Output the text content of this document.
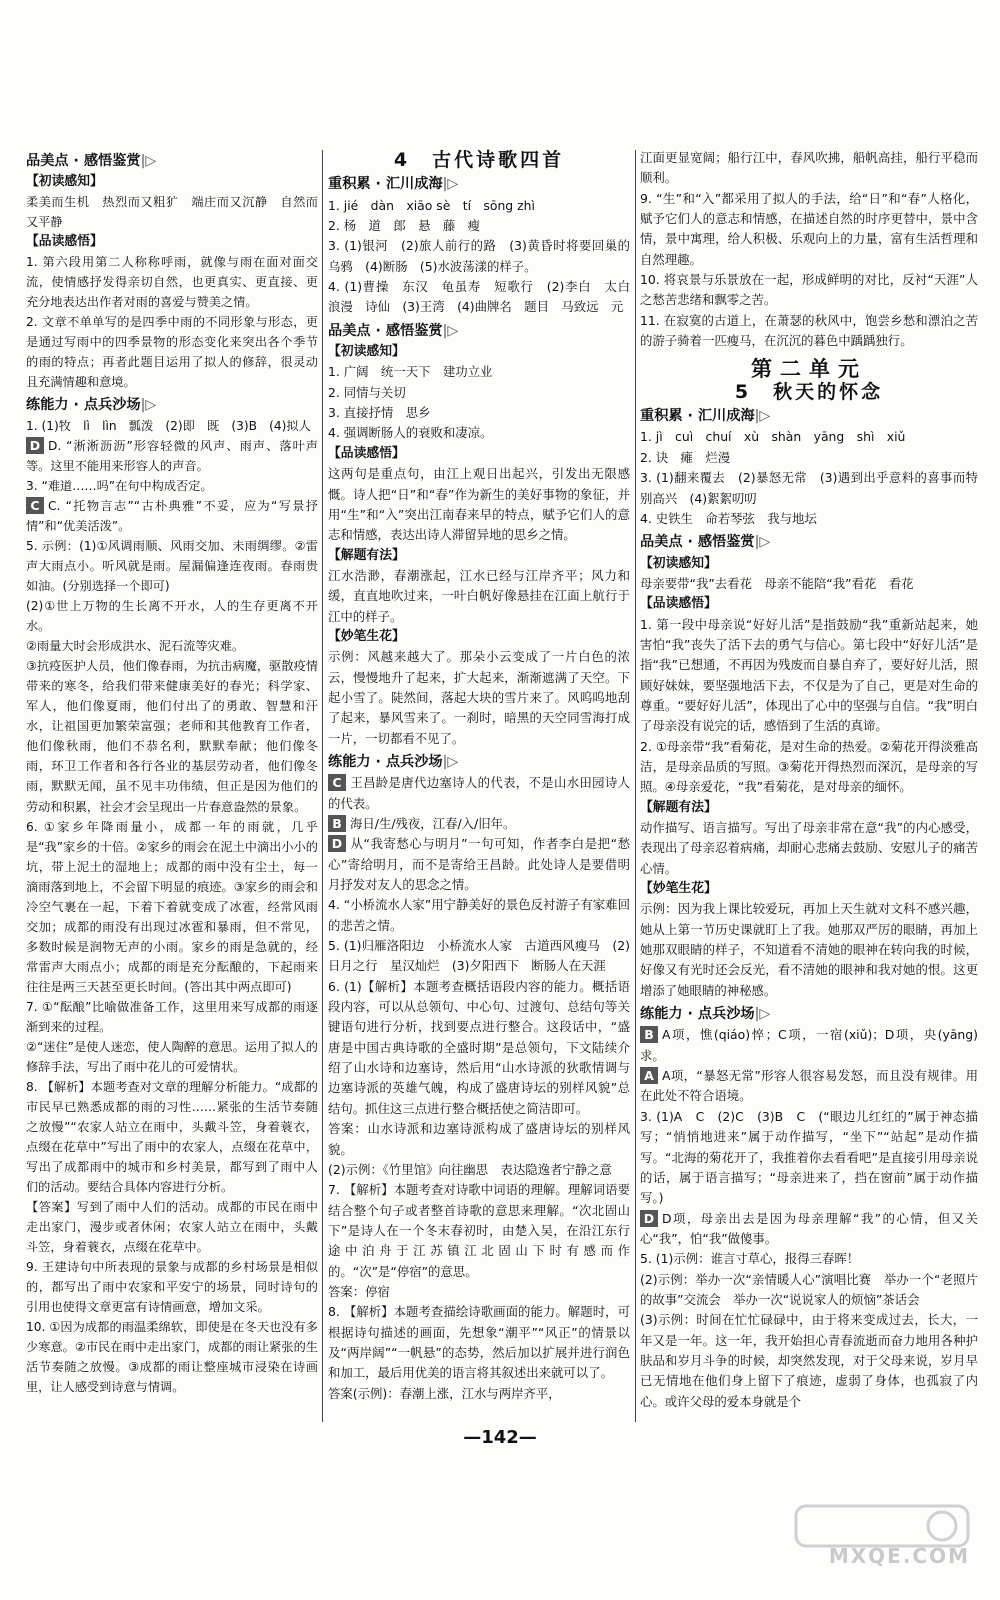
品美点 · 感悟鉴赏|▷
【初读感知】
柔美而生机　热烈而又粗犷　端庄而又沉静　自然而又平静
【品读感悟】
1. 第六段用第二人称称呼雨，就像与雨在面对面交流，使情感抒发得亲切自然，也更真实、更直接、更充分地表达出作者对雨的喜爱与赞美之情。
2. 文章不单单写的是四季中雨的不同形象与形态，更是通过写雨中的四季景物的形态变化来突出各个季节的雨的特点；再者此题目运用了拟人的修辞，很灵动且充满情趣和意境。
练能力 · 点兵沙场|▷
1. (1)牧　lì　lìn　瓢泼　(2)即　既　(3)B　(4)拟人
D D. “淅淅沥沥”形容轻微的风声、雨声、落叶声等。这里不能用来形容人的声音。
3. “难道……吗”在句中构成否定。
C C. “托物言志”“古朴典雅”不妥，应为“写景抒情”和“优美活泼”。
5. 示例：(1)①风调雨顺、风雨交加、未雨绸缪。②雷声大雨点小。听风就是雨。屋漏偏逢连夜雨。春雨贵如油。(分别选择一个即可)
(2)①世上万物的生长离不开水，人的生存更离不开水。
②雨量大时会形成洪水、泥石流等灾难。
③抗疫医护人员，他们像春雨，为抗击病魔，驱散疫情带来的寒冬，给我们带来健康美好的春光；科学家、军人，他们像夏雨，他们付出了的勇敢、智慧和汗水，让祖国更加繁荣富强；老师和其他教育工作者，他们像秋雨，他们不恭名利，默默奉献；他们像冬雨，环卫工作者和各行各业的基层劳动者，他们像冬雨，默默无闻，虽不见丰功伟绩，但正是因为他们的劳动和积累，社会才会呈现出一片春意盎然的景象。
6. ①家乡年降雨量小，成都一年的雨就，几乎是“我”家乡的十倍。②家乡的雨会在泥土中滴出小小的坑，带上泥土的湿地上；成都的雨中没有尘土，每一滴雨落到地上，不会留下明显的痕迹。③家乡的雨会和冷空气裹在一起，下着下着就变成了冰雹，经常风雨交加；成都的雨没有出现过冰雹和暴雨，但不常见，多数时候是润物无声的小雨。家乡的雨是急就的，经常雷声大雨点小；成都的雨是充分酝酿的，下起雨来往往是两三天甚至更长时间。(答出其中两点即可)
7. ①“酝酿”比喻做准备工作，这里用来写成都的雨逐渐到来的过程。
②“迷住”是使人迷恋，使人陶醉的意思。运用了拟人的修辞手法，写出了雨中花儿的可爱情状。
8. 【解析】本题考查对文章的理解分析能力。“成都的市民早已熟悉成都的雨的习性……紧张的生活节奏随之放慢”“农家人站立在雨中，头戴斗笠，身着蓑衣，点缀在花草中”写出了雨中的农家人，点缀在花草中，写出了成都雨中的城市和乡村美景，都写到了雨中人们的活动。要结合具体内容进行分析。
【答案】写到了雨中人们的活动。成都的市民在雨中走出家门，漫步或者休闲；农家人站立在雨中，头戴斗笠，身着蓑衣，点缀在花草中。
9. 王建诗句中所表现的景象与成都的乡村场景是相似的，都写出了雨中农家和平安宁的场景，同时诗句的引用也使得文章更富有诗情画意，增加文采。
10. ①因为成都的雨温柔绵软，即使是在冬天也没有多少寒意。②市民在雨中走出家门，成都的雨让紧张的生活节奏随之放慢。③成都的雨让整座城市浸染在诗画里，让人感受到诗意与情调。
4　古代诗歌四首
重积累 · 汇川成海|▷
1. jié　dàn　xiāo sè　tí　sōng zhì
2. 杨　道　郎　悬　藤　瘦
3. (1)银河　(2)旅人前行的路　(3)黄昏时将要回巢的乌鸦　(4)断肠　(5)水波荡漾的样子。
4. (1)曹操　东汉　龟虽寿　短歌行　(2)李白　太白　浪漫　诗仙　(3)王湾　(4)曲牌名　题目　马致远　元
品美点 · 感悟鉴赏|▷
【初读感知】
1. 广阔　统一天下　建功立业
2. 同情与关切
3. 直接抒情　思乡
4. 强调断肠人的衰败和凄凉。
【品读感悟】
这两句是重点句，由江上观日出起兴，引发出无限感慨。诗人把“日”和“春”作为新生的美好事物的象征，并用“生”和“入”突出江南春来早的特点，赋予它们人的意志和情感，表达出诗人滞留异地的思乡之情。
【解题有法】
江水浩渺，春潮涨起，江水已经与江岸齐平；风力和缓，直直地吹过来，一叶白帆好像悬挂在江面上航行于江中的样子。
【妙笔生花】
示例：风越来越大了。那朵小云变成了一片白色的浓云，慢慢地升了起来，扩大起来，渐渐遮满了天空。下起小雪了。陡然间，落起大块的雪片来了。风呜呜地刮了起来，暴风雪来了。一刹时，暗黑的天空同雪海打成一片，一切都看不见了。
练能力 · 点兵沙场|▷
C 王昌龄是唐代边塞诗人的代表，不是山水田园诗人的代表。
B 海日/生/残夜，江春/入/旧年。
D 从“我寄愁心与明月”一句可知，作者李白是把“愁心”寄给明月，而不是寄给王昌龄。此处诗人是要借明月抒发对友人的思念之情。
4. “小桥流水人家”用宁静美好的景色反衬游子有家难回的悲苦之情。
5. (1)归雁洛阳边　小桥流水人家　古道西风瘦马　(2)日月之行　星汉灿烂　(3)夕阳西下　断肠人在天涯
6. (1)【解析】本题考查概括语段内容的能力。概括语段内容，可以从总领句、中心句、过渡句、总结句等关键语句进行分析，找到要点进行整合。这段话中，“盛唐是中国古典诗歌的全盛时期”是总领句，下文陆续介绍了山水诗和边塞诗，然后用“山水诗派的狄歌情调与边塞诗派的英雄气魄，构成了盛唐诗坛的别样风貌”总结句。抓住这三点进行整合概括使之简洁即可。
答案：山水诗派和边塞诗派构成了盛唐诗坛的别样风貌。
(2)示例：《竹里馆》向往幽思　表达隐逸者宁静之意
7. 【解析】本题考查对诗歌中词语的理解。理解词语要结合整个句子或者整首诗歌的意思来理解。“次北固山下”是诗人在一个冬末春初时，由楚入吴，在沿江东行途中泊舟于江苏镇江北固山下时有感而作的。“次”是“停宿”的意思。
答案：停宿
8. 【解析】本题考查描绘诗歌画面的能力。解题时，可根据诗句描述的画面，先想象“潮平”“风正”的情景以及“两岸阔”“一帆悬”的态势，然后加以扩展并进行润色和加工，最后用优美的语言将其叙述出来就可以了。
答案(示例)：春潮上涨，江水与两岸齐平，
江面更显宽阔；船行江中，春风吹拂，船帆高挂，船行平稳而顺利。
9. “生”和“入”都采用了拟人的手法，给“日”和“春”人格化，赋予它们人的意志和情感，在描述自然的时序更替中，景中含情，景中寓理，给人积极、乐观向上的力量，富有生活哲理和自然理趣。
10. 将哀景与乐景放在一起，形成鲜明的对比，反衬“天涯”人之愁苦悲绪和飘零之苦。
11. 在寂寞的古道上，在萧瑟的秋风中，饱尝乡愁和漂泊之苦的游子骑着一匹瘦马，在沉沉的暮色中踽踽独行。
第二单元
5　秋天的怀念
重积累 · 汇川成海|▷
1. jì　cuì　chuí　xù　shàn　yāng　shì　xiǔ
2. 诀　瘫　烂漫
3. (1)翻来覆去　(2)暴怒无常　(3)遇到出乎意料的喜事而特别高兴　(4)絮絮叨叨
4. 史铁生　命若琴弦　我与地坛
品美点 · 感悟鉴赏|▷
【初读感知】
母亲要带“我”去看花　母亲不能陪“我”看花　看花
【品读感悟】
1. 第一段中母亲说“好好儿活”是指鼓励“我”重新站起来，她害怕“我”丧失了活下去的勇气与信心。第七段中“好好儿活”是指“我”已想通，不再因为残废而自暴自弃了，要好好儿活，照顾好妹妹，要坚强地活下去，不仅是为了自己，更是对生命的尊重。“要好好儿活”，体现出了心中的坚强与自信。“我”明白了母亲没有说完的话，感悟到了生活的真谛。
2. ①母亲带“我”看菊花，是对生命的热爱。②菊花开得淡雅高洁，是母亲品质的写照。③菊花开得热烈而深沉，是母亲的写照。④母亲爱花，“我”看菊花，是对母亲的缅怀。
【解题有法】
动作描写、语言描写。写出了母亲非常在意“我”的内心感受，表现出了母亲忍着病痛，却耐心悲痛去鼓励、安慰儿子的痛苦心情。
【妙笔生花】
示例：因为我上课比较爱玩，再加上天生就对文科不感兴趣，她从上第一节历史课就盯上了我。她那双严厉的眼睛，再加上她那双眼睛的样子，不知道看不清她的眼神在转向我的时候，好像又有光时还会反光，看不清她的眼神和我对她的恨。这更增添了她眼睛的神秘感。
练能力 · 点兵沙场|▷
B A项，憔(qiáo)悴；C项，一宿(xiǔ)；D项，央(yāng)求。
A A项，“暴怒无常”形容人很容易发怒，而且没有规律。用在此处不符合语境。
3. (1)A　C　(2)C　(3)B　C　(“眼边儿红红的”属于神态描写；“悄悄地进来”属于动作描写，“坐下”“站起”是动作描写。“北海的菊花开了，我推着你去看看吧”是直接引用母亲说的话，属于语言描写；“母亲进来了，挡在窗前”属于动作描写。)
D D项，母亲出去是因为母亲理解“我”的心情，但又关心“我”，怕“我”做傻事。
5. (1)示例：谁言寸草心，报得三春晖！
(2)示例：举办一次“亲情暖人心”演唱比赛　举办一个“老照片的故事”交流会　举办一次“说说家人的烦恼”茶话会
(3)示例：时间在忙忙碌碌中，由于将来变成过去，长大，一年又是一年。这一年，我开始担心青春流逝而奋力地用各种护肤品和岁月斗争的时候，却突然发现，对于父母来说，岁月早已无情地在他们身上留下了痕迹，虚弱了身体，也孤寂了内心。或许父母的爱本身就是个
—142—
MXQE.COM
